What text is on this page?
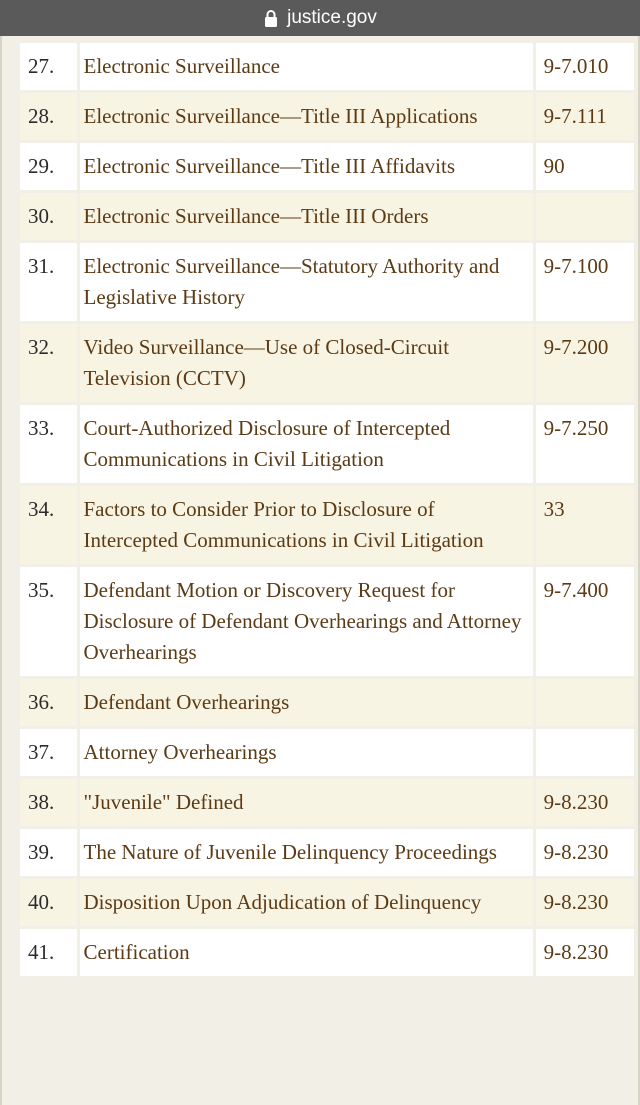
justice.gov
27.	Electronic Surveillance	9-7.010
28.	Electronic Surveillance—Title III Applications	9-7.111
29.	Electronic Surveillance—Title III Affidavits	90
30.	Electronic Surveillance—Title III Orders	
31.	Electronic Surveillance—Statutory Authority and Legislative History	9-7.100
32.	Video Surveillance—Use of Closed-Circuit Television (CCTV)	9-7.200
33.	Court-Authorized Disclosure of Intercepted Communications in Civil Litigation	9-7.250
34.	Factors to Consider Prior to Disclosure of Intercepted Communications in Civil Litigation	33
35.	Defendant Motion or Discovery Request for Disclosure of Defendant Overhearings and Attorney Overhearings	9-7.400
36.	Defendant Overhearings	
37.	Attorney Overhearings	
38.	"Juvenile" Defined	9-8.230
39.	The Nature of Juvenile Delinquency Proceedings	9-8.230
40.	Disposition Upon Adjudication of Delinquency	9-8.230
41.	Certification	9-8.230
